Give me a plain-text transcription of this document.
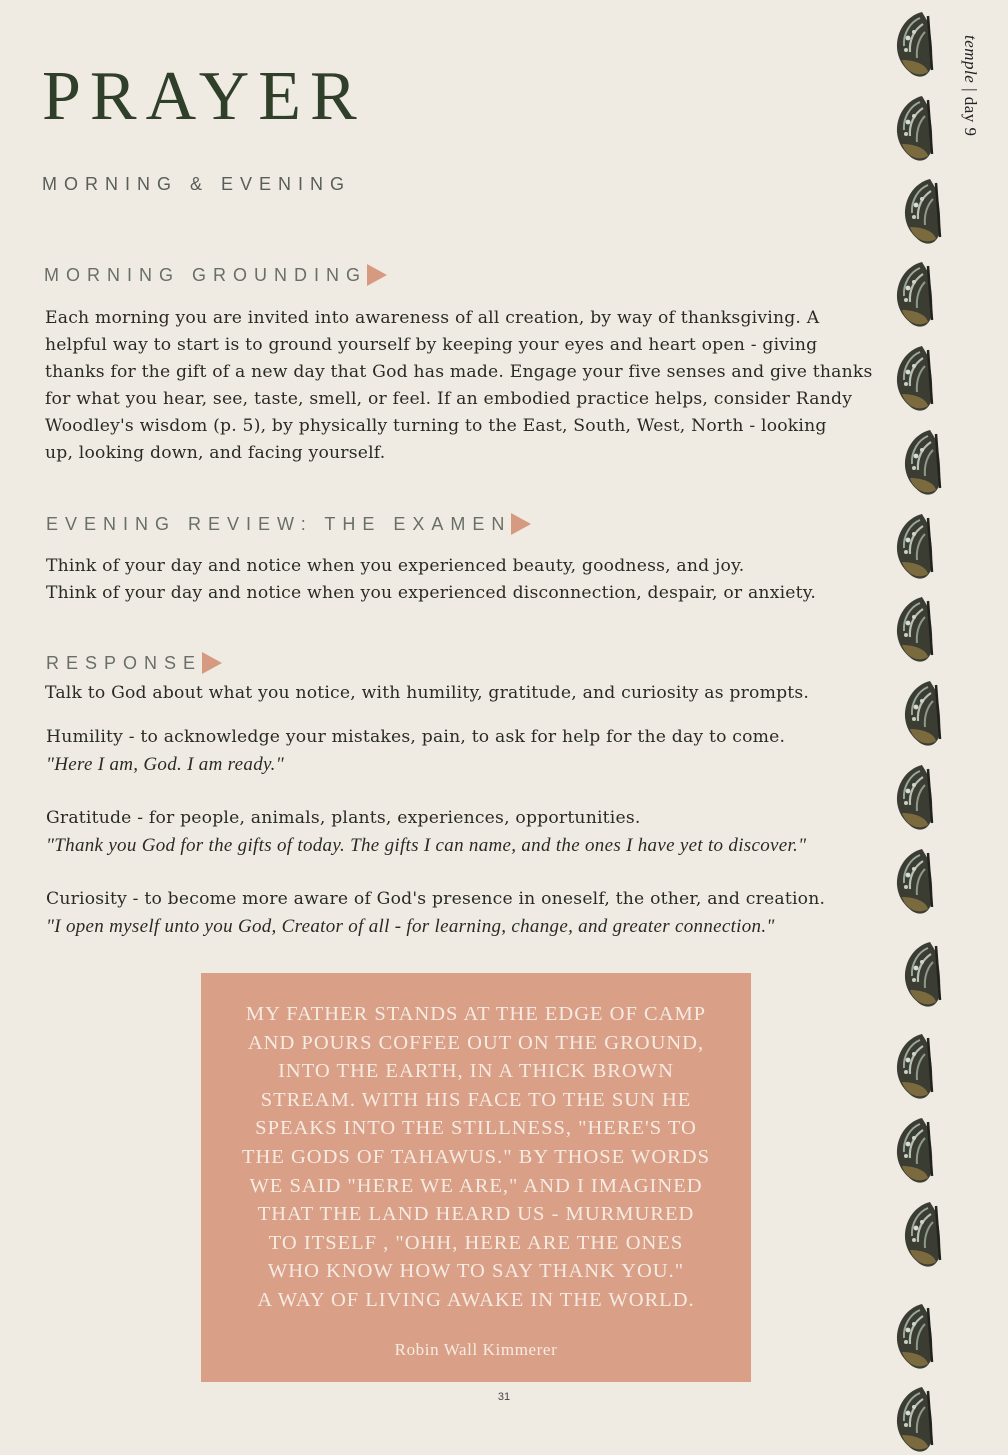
PRAYER
MORNING & EVENING
temple | day 9
MORNING GROUNDING
Each morning you are invited into awareness of all creation, by way of thanksgiving. A
helpful way to start is to ground yourself by keeping your eyes and heart open - giving
thanks for the gift of a new day that God has made. Engage your five senses and give thanks
for what you hear, see, taste, smell, or feel. If an embodied practice helps, consider Randy
Woodley's wisdom (p. 5), by physically turning to the East, South, West, North - looking
up, looking down, and facing yourself.
EVENING REVIEW: THE EXAMEN
Think of your day and notice when you experienced beauty, goodness, and joy.
Think of your day and notice when you experienced disconnection, despair, or anxiety.
RESPONSE
Talk to God about what you notice, with humility, gratitude, and curiosity as prompts.
Humility - to acknowledge your mistakes, pain, to ask for help for the day to come.
"Here I am, God. I am ready."
Gratitude - for people, animals, plants, experiences, opportunities.
"Thank you God for the gifts of today. The gifts I can name, and the ones I have yet to discover."
Curiosity - to become more aware of God's presence in oneself, the other, and creation.
"I open myself unto you God, Creator of all - for learning, change, and greater connection."
MY FATHER STANDS AT THE EDGE OF CAMP
AND POURS COFFEE OUT ON THE GROUND,
INTO THE EARTH, IN A THICK BROWN
STREAM. WITH HIS FACE TO THE SUN HE
SPEAKS INTO THE STILLNESS, "HERE'S TO
THE GODS OF TAHAWUS." BY THOSE WORDS
WE SAID "HERE WE ARE," AND I IMAGINED
THAT THE LAND HEARD US - MURMURED
TO ITSELF , "OHH, HERE ARE THE ONES
WHO KNOW HOW TO SAY THANK YOU."
A WAY OF LIVING AWAKE IN THE WORLD.
Robin Wall Kimmerer
31
